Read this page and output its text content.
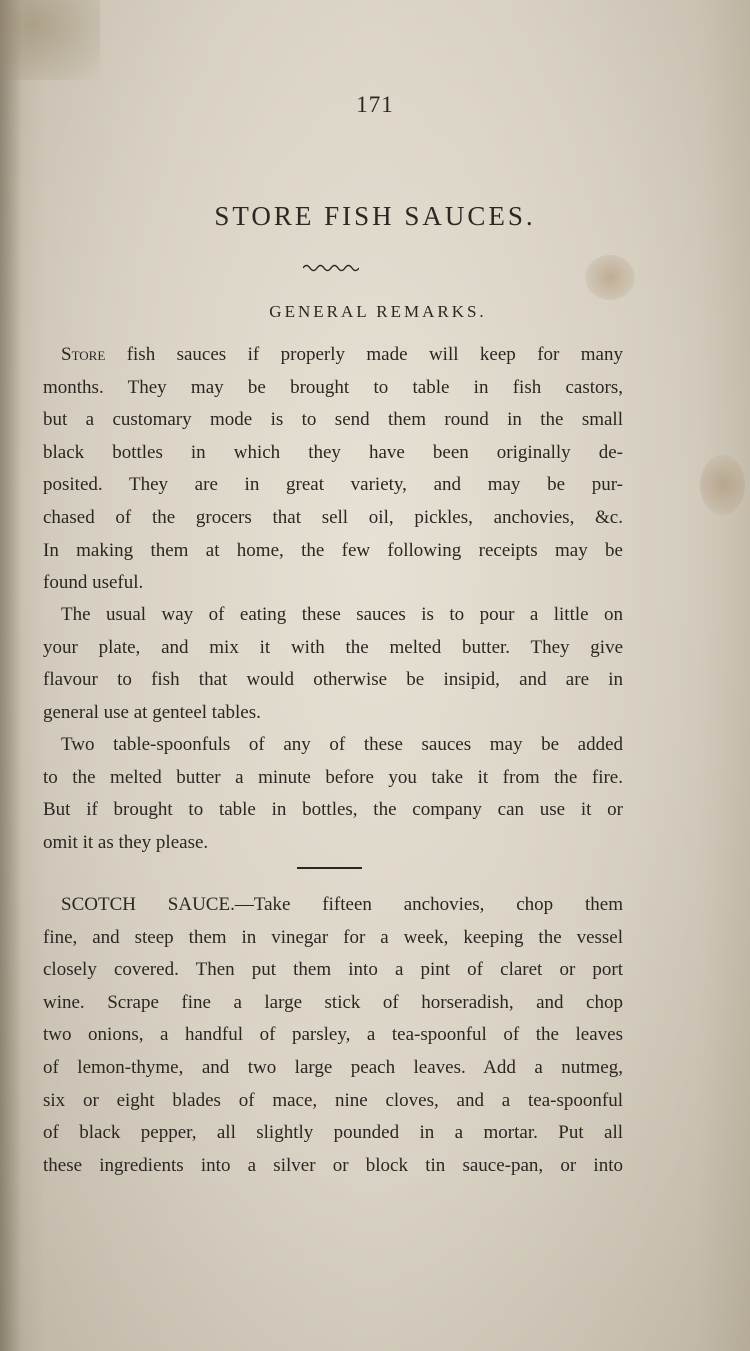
171
STORE FISH SAUCES.
GENERAL REMARKS.
Store fish sauces if properly made will keep for many
months. They may be brought to table in fish castors,
but a customary mode is to send them round in the small
black bottles in which they have been originally de-
posited. They are in great variety, and may be pur-
chased of the grocers that sell oil, pickles, anchovies, &c.
In making them at home, the few following receipts may be
found useful.
The usual way of eating these sauces is to pour a little on
your plate, and mix it with the melted butter. They give
flavour to fish that would otherwise be insipid, and are in
general use at genteel tables.
Two table-spoonfuls of any of these sauces may be added
to the melted butter a minute before you take it from the fire.
But if brought to table in bottles, the company can use it or
omit it as they please.
SCOTCH SAUCE.—Take fifteen anchovies, chop them
fine, and steep them in vinegar for a week, keeping the vessel
closely covered. Then put them into a pint of claret or port
wine. Scrape fine a large stick of horseradish, and chop
two onions, a handful of parsley, a tea-spoonful of the leaves
of lemon-thyme, and two large peach leaves. Add a nutmeg,
six or eight blades of mace, nine cloves, and a tea-spoonful
of black pepper, all slightly pounded in a mortar. Put all
these ingredients into a silver or block tin sauce-pan, or into
